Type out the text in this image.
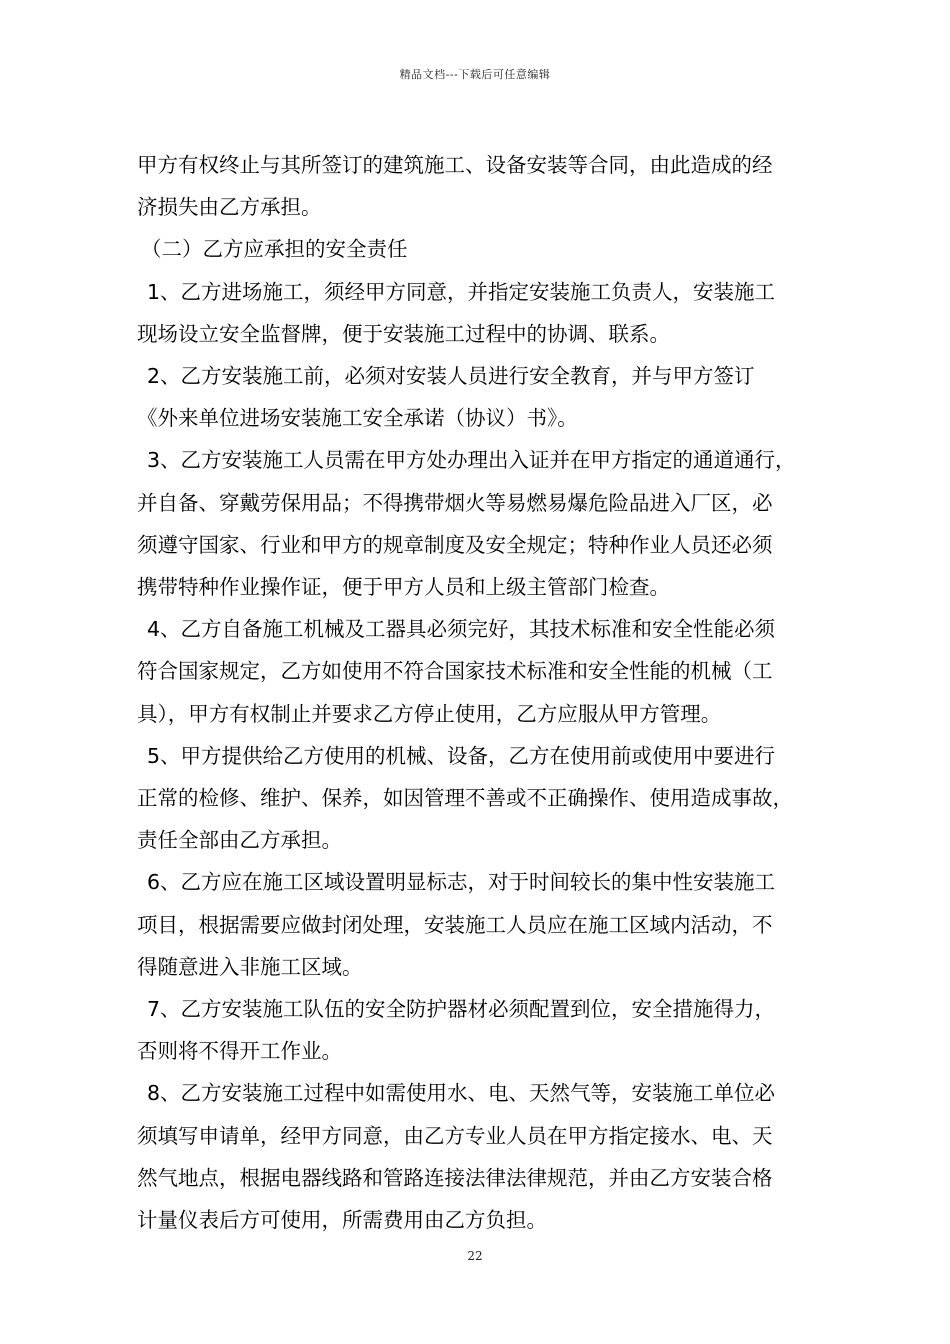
精品文档---下载后可任意编辑

甲方有权终止与其所签订的建筑施工、设备安装等合同，由此造成的经

济损失由乙方承担。

（二）乙方应承担的安全责任

1、乙方进场施工，须经甲方同意，并指定安装施工负责人，安装施工

现场设立安全监督牌，便于安装施工过程中的协调、联系。

2、乙方安装施工前，必须对安装人员进行安全教育，并与甲方签订

《外来单位进场安装施工安全承诺（协议）书》。

3、乙方安装施工人员需在甲方处办理出入证并在甲方指定的通道通行，

并自备、穿戴劳保用品；不得携带烟火等易燃易爆危险品进入厂区，必

须遵守国家、行业和甲方的规章制度及安全规定；特种作业人员还必须

携带特种作业操作证，便于甲方人员和上级主管部门检查。

4、乙方自备施工机械及工器具必须完好，其技术标准和安全性能必须

符合国家规定，乙方如使用不符合国家技术标准和安全性能的机械（工

具），甲方有权制止并要求乙方停止使用，乙方应服从甲方管理。

5、甲方提供给乙方使用的机械、设备，乙方在使用前或使用中要进行

正常的检修、维护、保养，如因管理不善或不正确操作、使用造成事故，

责任全部由乙方承担。

6、乙方应在施工区域设置明显标志，对于时间较长的集中性安装施工

项目，根据需要应做封闭处理，安装施工人员应在施工区域内活动，不

得随意进入非施工区域。

7、乙方安装施工队伍的安全防护器材必须配置到位，安全措施得力，

否则将不得开工作业。

8、乙方安装施工过程中如需使用水、电、天然气等，安装施工单位必

须填写申请单，经甲方同意，由乙方专业人员在甲方指定接水、电、天

然气地点，根据电器线路和管路连接法律法律规范，并由乙方安装合格

计量仪表后方可使用，所需费用由乙方负担。

22
